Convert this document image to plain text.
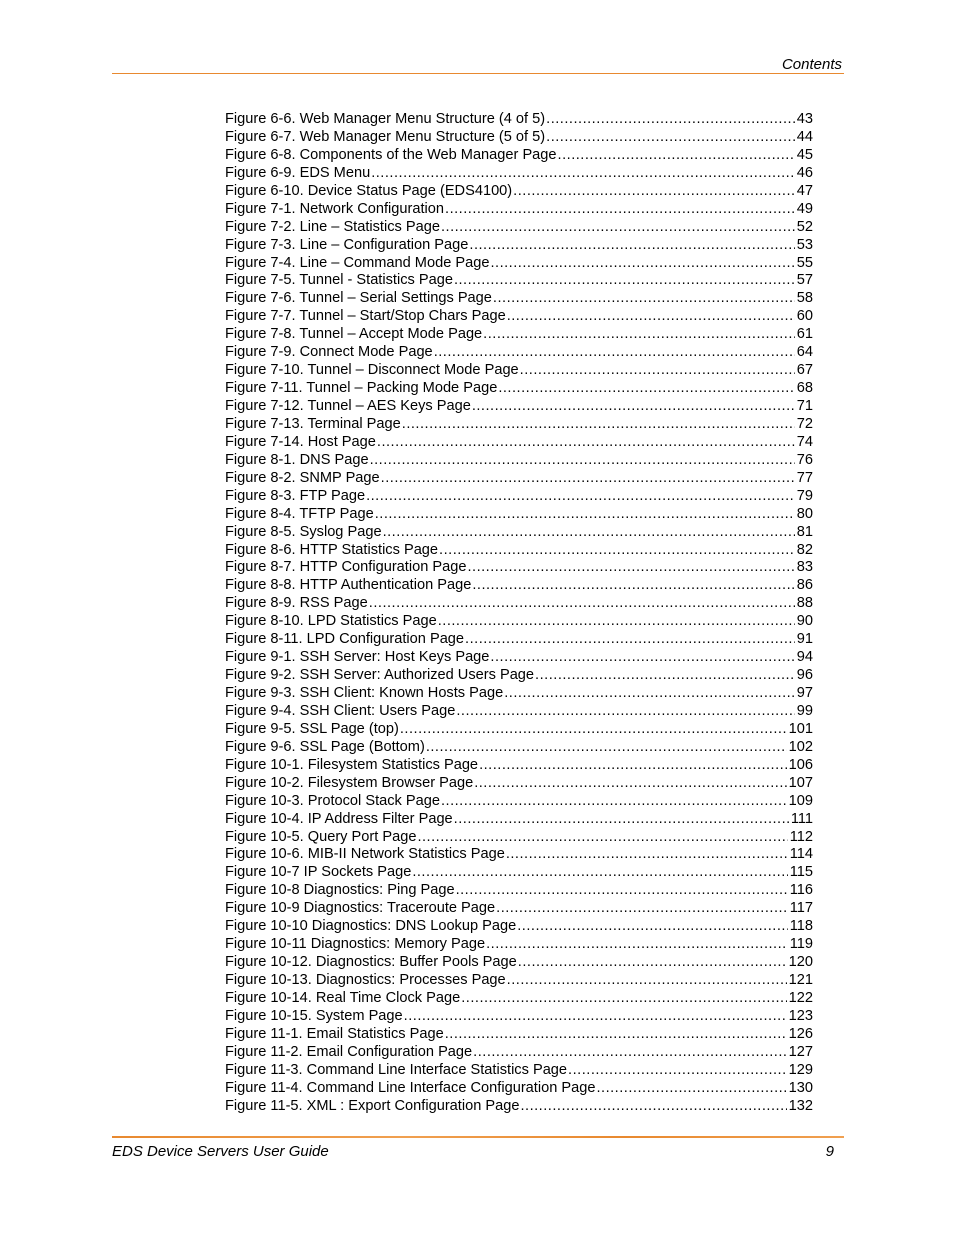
Contents
Figure 6-6. Web Manager Menu Structure (4 of 5) .....	43
Figure 6-7. Web Manager Menu Structure (5 of 5) .....	44
Figure 6-8. Components of the Web Manager Page .....	45
Figure 6-9. EDS Menu .....	46
Figure 6-10. Device Status Page (EDS4100) .....	47
Figure 7-1. Network Configuration .....	49
Figure 7-2. Line – Statistics Page .....	52
Figure 7-3. Line – Configuration Page .....	53
Figure 7-4. Line – Command Mode Page .....	55
Figure 7-5. Tunnel - Statistics Page .....	57
Figure 7-6. Tunnel – Serial Settings Page .....	58
Figure 7-7. Tunnel – Start/Stop Chars Page .....	60
Figure 7-8. Tunnel – Accept Mode Page .....	61
Figure 7-9. Connect Mode Page .....	64
Figure 7-10. Tunnel – Disconnect Mode Page .....	67
Figure 7-11. Tunnel – Packing Mode Page .....	68
Figure 7-12. Tunnel – AES Keys Page .....	71
Figure 7-13. Terminal Page .....	72
Figure 7-14. Host Page .....	74
Figure 8-1. DNS Page .....	76
Figure 8-2. SNMP Page .....	77
Figure 8-3. FTP Page .....	79
Figure 8-4. TFTP Page .....	80
Figure 8-5. Syslog Page .....	81
Figure 8-6. HTTP Statistics Page .....	82
Figure 8-7. HTTP Configuration Page .....	83
Figure 8-8. HTTP Authentication Page .....	86
Figure 8-9. RSS Page .....	88
Figure 8-10. LPD Statistics Page .....	90
Figure 8-11. LPD Configuration Page .....	91
Figure 9-1. SSH Server: Host Keys Page .....	94
Figure 9-2. SSH Server: Authorized Users Page .....	96
Figure 9-3. SSH Client: Known Hosts Page .....	97
Figure 9-4. SSH Client: Users Page .....	99
Figure 9-5. SSL Page (top) .....	101
Figure 9-6. SSL Page (Bottom) .....	102
Figure 10-1. Filesystem Statistics Page .....	106
Figure 10-2. Filesystem Browser Page .....	107
Figure 10-3. Protocol Stack Page .....	109
Figure 10-4. IP Address Filter Page .....	111
Figure 10-5. Query Port Page .....	112
Figure 10-6. MIB-II Network Statistics Page .....	114
Figure 10-7 IP Sockets Page .....	115
Figure 10-8 Diagnostics: Ping Page .....	116
Figure 10-9 Diagnostics: Traceroute Page .....	117
Figure 10-10 Diagnostics: DNS Lookup Page .....	118
Figure 10-11 Diagnostics: Memory Page .....	119
Figure 10-12. Diagnostics: Buffer Pools Page .....	120
Figure 10-13. Diagnostics: Processes Page .....	121
Figure 10-14. Real Time Clock Page .....	122
Figure 10-15. System Page .....	123
Figure 11-1. Email Statistics Page .....	126
Figure 11-2. Email Configuration Page .....	127
Figure 11-3. Command Line Interface Statistics Page .....	129
Figure 11-4. Command Line Interface Configuration Page .....	130
Figure 11-5. XML : Export Configuration Page .....	132
EDS Device Servers User Guide	9
